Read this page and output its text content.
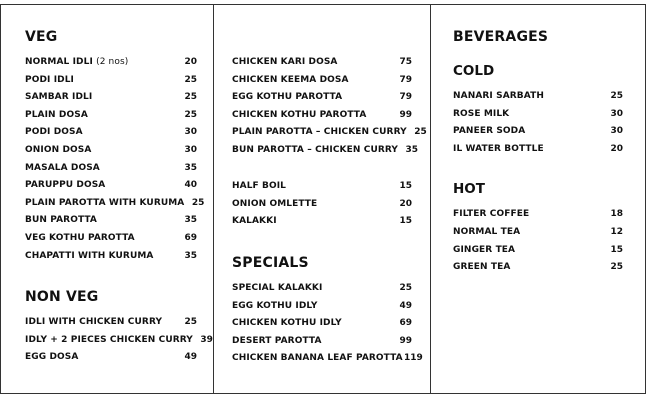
VEG
NORMAL IDLI (2 nos)	20
PODI IDLI	25
SAMBAR IDLI	25
PLAIN DOSA	25
PODI DOSA	30
ONION DOSA	30
MASALA DOSA	35
PARUPPU DOSA	40
PLAIN PAROTTA WITH KURUMA 25
BUN PAROTTA	35
VEG KOTHU PAROTTA	69
CHAPATTI WITH KURUMA	35
NON VEG
IDLI WITH CHICKEN CURRY	25
IDLY + 2 PIECES CHICKEN CURRY 39
EGG DOSA	49
CHICKEN KARI DOSA	75
CHICKEN KEEMA DOSA	79
EGG KOTHU PAROTTA	79
CHICKEN KOTHU PAROTTA	99
PLAIN PAROTTA – CHICKEN CURRY 25
BUN PAROTTA – CHICKEN CURRY 35
HALF BOIL	15
ONION OMLETTE	20
KALAKKI	15
SPECIALS
SPECIAL KALAKKI	25
EGG KOTHU IDLY	49
CHICKEN KOTHU IDLY	69
DESERT PAROTTA	99
CHICKEN BANANA LEAF PAROTTA 119
BEVERAGES
COLD
NANARI SARBATH	25
ROSE MILK	30
PANEER SODA	30
IL WATER BOTTLE	20
HOT
FILTER COFFEE	18
NORMAL TEA	12
GINGER TEA	15
GREEN TEA	25
